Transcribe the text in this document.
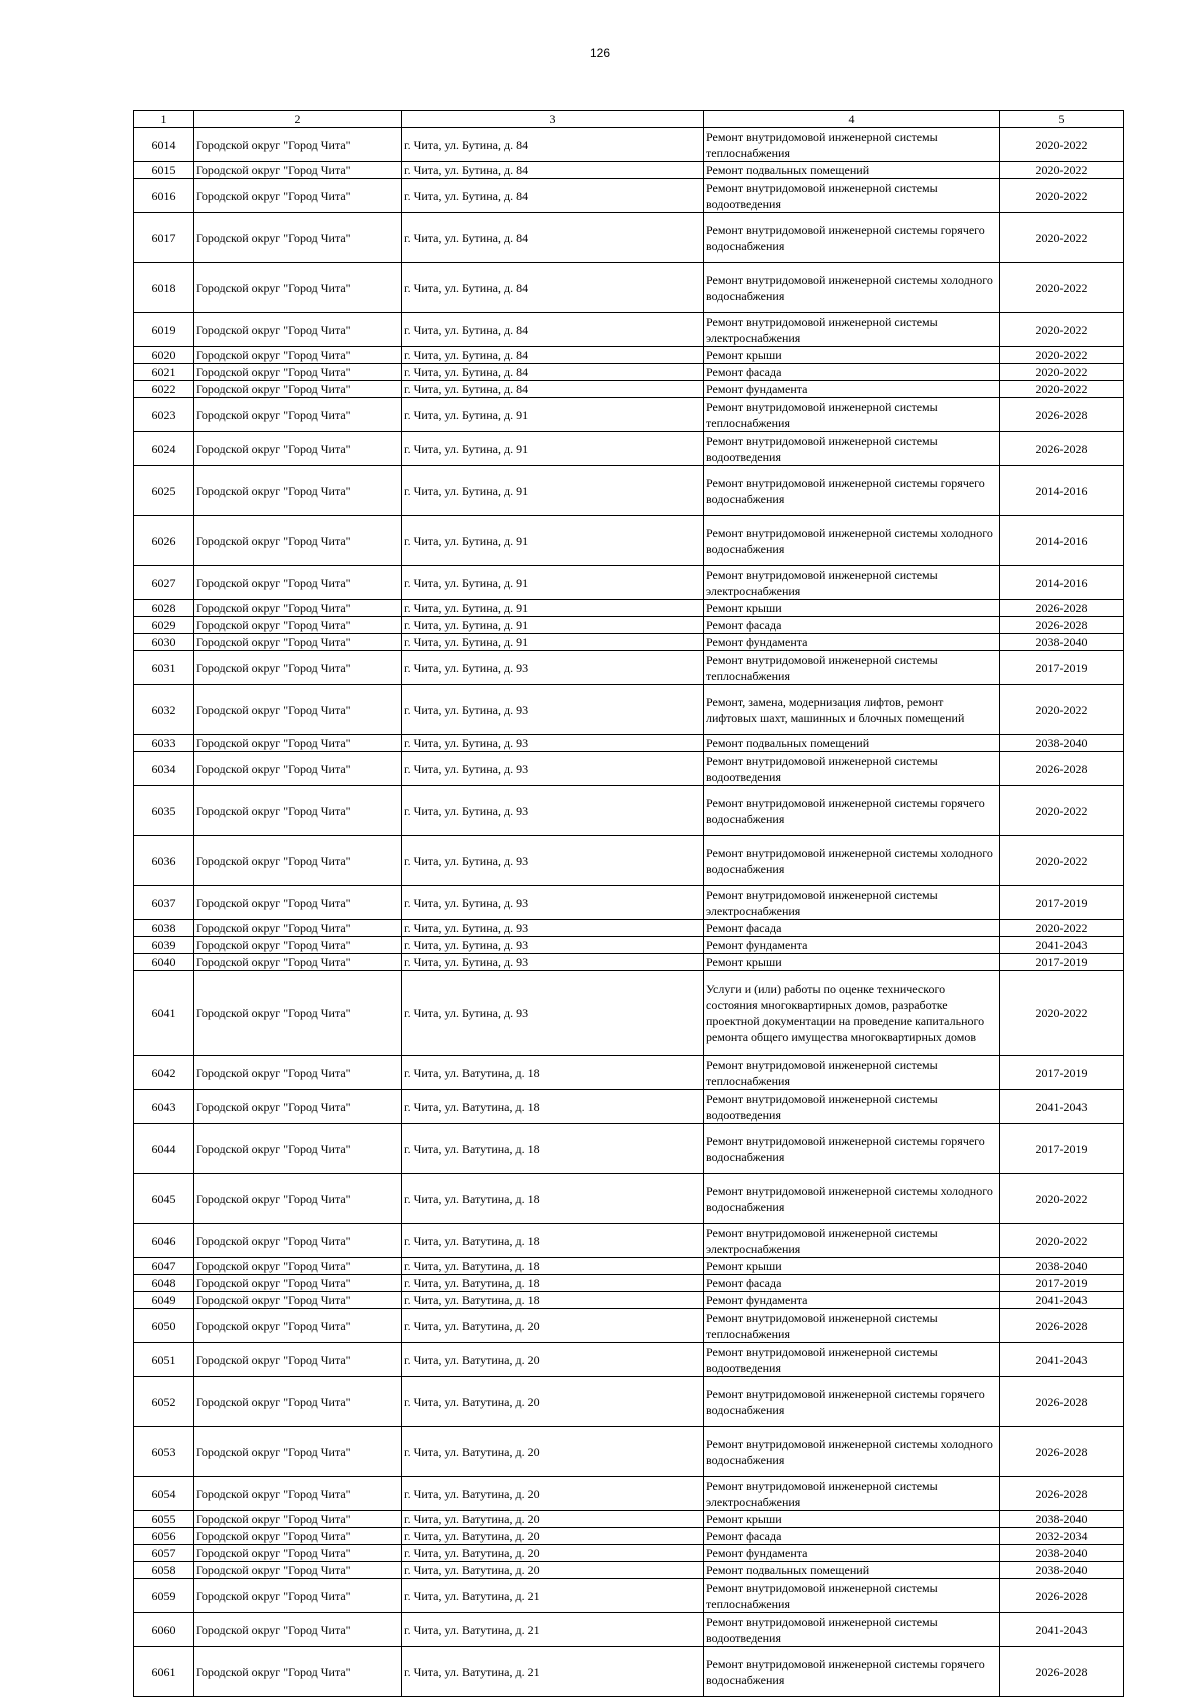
126
1	2	3	4	5
6014	Городской округ "Город Чита"	г. Чита, ул. Бутина, д. 84	Ремонт внутридомовой инженерной системы теплоснабжения	2020-2022
6015	Городской округ "Город Чита"	г. Чита, ул. Бутина, д. 84	Ремонт подвальных помещений	2020-2022
6016	Городской округ "Город Чита"	г. Чита, ул. Бутина, д. 84	Ремонт внутридомовой инженерной системы водоотведения	2020-2022
6017	Городской округ "Город Чита"	г. Чита, ул. Бутина, д. 84	Ремонт внутридомовой инженерной системы горячего водоснабжения	2020-2022
6018	Городской округ "Город Чита"	г. Чита, ул. Бутина, д. 84	Ремонт внутридомовой инженерной системы холодного водоснабжения	2020-2022
6019	Городской округ "Город Чита"	г. Чита, ул. Бутина, д. 84	Ремонт внутридомовой инженерной системы электроснабжения	2020-2022
6020	Городской округ "Город Чита"	г. Чита, ул. Бутина, д. 84	Ремонт крыши	2020-2022
6021	Городской округ "Город Чита"	г. Чита, ул. Бутина, д. 84	Ремонт фасада	2020-2022
6022	Городской округ "Город Чита"	г. Чита, ул. Бутина, д. 84	Ремонт фундамента	2020-2022
6023	Городской округ "Город Чита"	г. Чита, ул. Бутина, д. 91	Ремонт внутридомовой инженерной системы теплоснабжения	2026-2028
6024	Городской округ "Город Чита"	г. Чита, ул. Бутина, д. 91	Ремонт внутридомовой инженерной системы водоотведения	2026-2028
6025	Городской округ "Город Чита"	г. Чита, ул. Бутина, д. 91	Ремонт внутридомовой инженерной системы горячего водоснабжения	2014-2016
6026	Городской округ "Город Чита"	г. Чита, ул. Бутина, д. 91	Ремонт внутридомовой инженерной системы холодного водоснабжения	2014-2016
6027	Городской округ "Город Чита"	г. Чита, ул. Бутина, д. 91	Ремонт внутридомовой инженерной системы электроснабжения	2014-2016
6028	Городской округ "Город Чита"	г. Чита, ул. Бутина, д. 91	Ремонт крыши	2026-2028
6029	Городской округ "Город Чита"	г. Чита, ул. Бутина, д. 91	Ремонт фасада	2026-2028
6030	Городской округ "Город Чита"	г. Чита, ул. Бутина, д. 91	Ремонт фундамента	2038-2040
6031	Городской округ "Город Чита"	г. Чита, ул. Бутина, д. 93	Ремонт внутридомовой инженерной системы теплоснабжения	2017-2019
6032	Городской округ "Город Чита"	г. Чита, ул. Бутина, д. 93	Ремонт, замена, модернизация лифтов, ремонт лифтовых шахт, машинных и блочных помещений	2020-2022
6033	Городской округ "Город Чита"	г. Чита, ул. Бутина, д. 93	Ремонт подвальных помещений	2038-2040
6034	Городской округ "Город Чита"	г. Чита, ул. Бутина, д. 93	Ремонт внутридомовой инженерной системы водоотведения	2026-2028
6035	Городской округ "Город Чита"	г. Чита, ул. Бутина, д. 93	Ремонт внутридомовой инженерной системы горячего водоснабжения	2020-2022
6036	Городской округ "Город Чита"	г. Чита, ул. Бутина, д. 93	Ремонт внутридомовой инженерной системы холодного водоснабжения	2020-2022
6037	Городской округ "Город Чита"	г. Чита, ул. Бутина, д. 93	Ремонт внутридомовой инженерной системы электроснабжения	2017-2019
6038	Городской округ "Город Чита"	г. Чита, ул. Бутина, д. 93	Ремонт фасада	2020-2022
6039	Городской округ "Город Чита"	г. Чита, ул. Бутина, д. 93	Ремонт фундамента	2041-2043
6040	Городской округ "Город Чита"	г. Чита, ул. Бутина, д. 93	Ремонт крыши	2017-2019
6041	Городской округ "Город Чита"	г. Чита, ул. Бутина, д. 93	Услуги и (или) работы по оценке технического состояния многоквартирных домов, разработке проектной документации на проведение капитального ремонта общего имущества многоквартирных домов	2020-2022
6042	Городской округ "Город Чита"	г. Чита, ул. Ватутина, д. 18	Ремонт внутридомовой инженерной системы теплоснабжения	2017-2019
6043	Городской округ "Город Чита"	г. Чита, ул. Ватутина, д. 18	Ремонт внутридомовой инженерной системы водоотведения	2041-2043
6044	Городской округ "Город Чита"	г. Чита, ул. Ватутина, д. 18	Ремонт внутридомовой инженерной системы горячего водоснабжения	2017-2019
6045	Городской округ "Город Чита"	г. Чита, ул. Ватутина, д. 18	Ремонт внутридомовой инженерной системы холодного водоснабжения	2020-2022
6046	Городской округ "Город Чита"	г. Чита, ул. Ватутина, д. 18	Ремонт внутридомовой инженерной системы электроснабжения	2020-2022
6047	Городской округ "Город Чита"	г. Чита, ул. Ватутина, д. 18	Ремонт крыши	2038-2040
6048	Городской округ "Город Чита"	г. Чита, ул. Ватутина, д. 18	Ремонт фасада	2017-2019
6049	Городской округ "Город Чита"	г. Чита, ул. Ватутина, д. 18	Ремонт фундамента	2041-2043
6050	Городской округ "Город Чита"	г. Чита, ул. Ватутина, д. 20	Ремонт внутридомовой инженерной системы теплоснабжения	2026-2028
6051	Городской округ "Город Чита"	г. Чита, ул. Ватутина, д. 20	Ремонт внутридомовой инженерной системы водоотведения	2041-2043
6052	Городской округ "Город Чита"	г. Чита, ул. Ватутина, д. 20	Ремонт внутридомовой инженерной системы горячего водоснабжения	2026-2028
6053	Городской округ "Город Чита"	г. Чита, ул. Ватутина, д. 20	Ремонт внутридомовой инженерной системы холодного водоснабжения	2026-2028
6054	Городской округ "Город Чита"	г. Чита, ул. Ватутина, д. 20	Ремонт внутридомовой инженерной системы электроснабжения	2026-2028
6055	Городской округ "Город Чита"	г. Чита, ул. Ватутина, д. 20	Ремонт крыши	2038-2040
6056	Городской округ "Город Чита"	г. Чита, ул. Ватутина, д. 20	Ремонт фасада	2032-2034
6057	Городской округ "Город Чита"	г. Чита, ул. Ватутина, д. 20	Ремонт фундамента	2038-2040
6058	Городской округ "Город Чита"	г. Чита, ул. Ватутина, д. 20	Ремонт подвальных помещений	2038-2040
6059	Городской округ "Город Чита"	г. Чита, ул. Ватутина, д. 21	Ремонт внутридомовой инженерной системы теплоснабжения	2026-2028
6060	Городской округ "Город Чита"	г. Чита, ул. Ватутина, д. 21	Ремонт внутридомовой инженерной системы водоотведения	2041-2043
6061	Городской округ "Город Чита"	г. Чита, ул. Ватутина, д. 21	Ремонт внутридомовой инженерной системы горячего водоснабжения	2026-2028
